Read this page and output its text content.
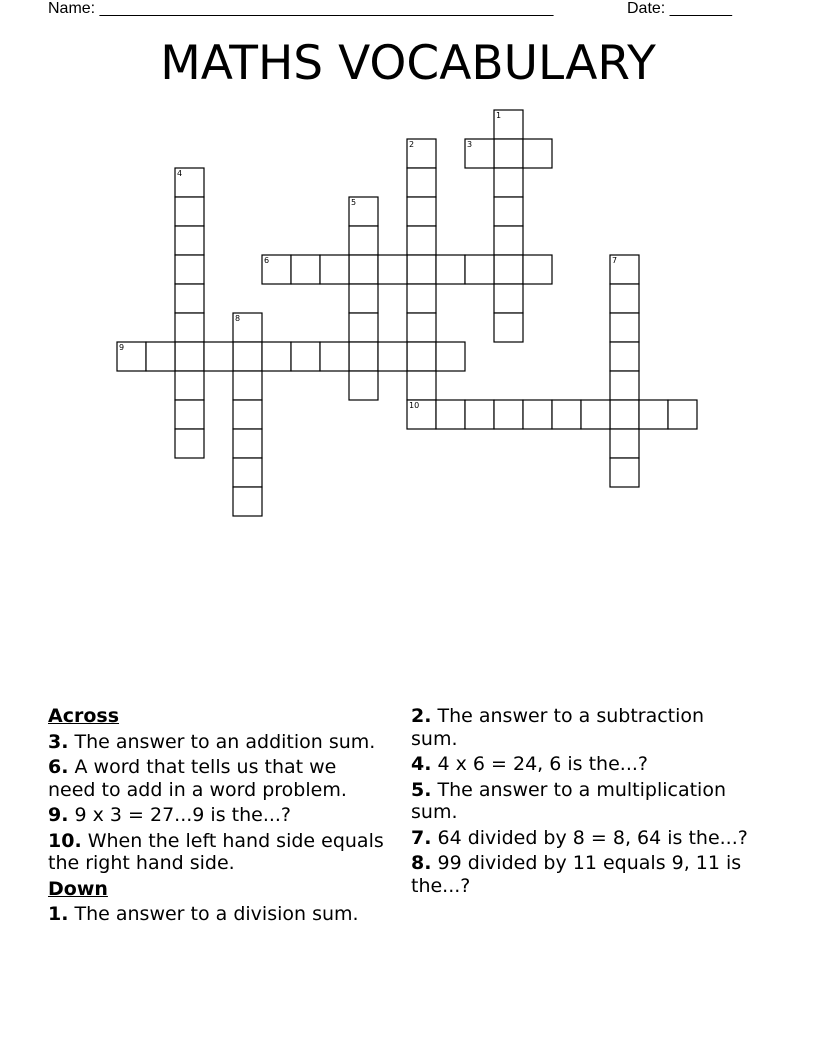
Name: ___________________________________________________	Date: _______
MATHS VOCABULARY
1
2	3
4
5
6	7
8
9
10
Across
3. The answer to an addition sum.
6. A word that tells us that we need to add in a word problem.
9. 9 x 3 = 27...9 is the...?
10. When the left hand side equals the right hand side.
Down
1. The answer to a division sum.
2. The answer to a subtraction sum.
4. 4 x 6 = 24, 6 is the...?
5. The answer to a multiplication sum.
7. 64 divided by 8 = 8, 64 is the...?
8. 99 divided by 11 equals 9, 11 is the...?
